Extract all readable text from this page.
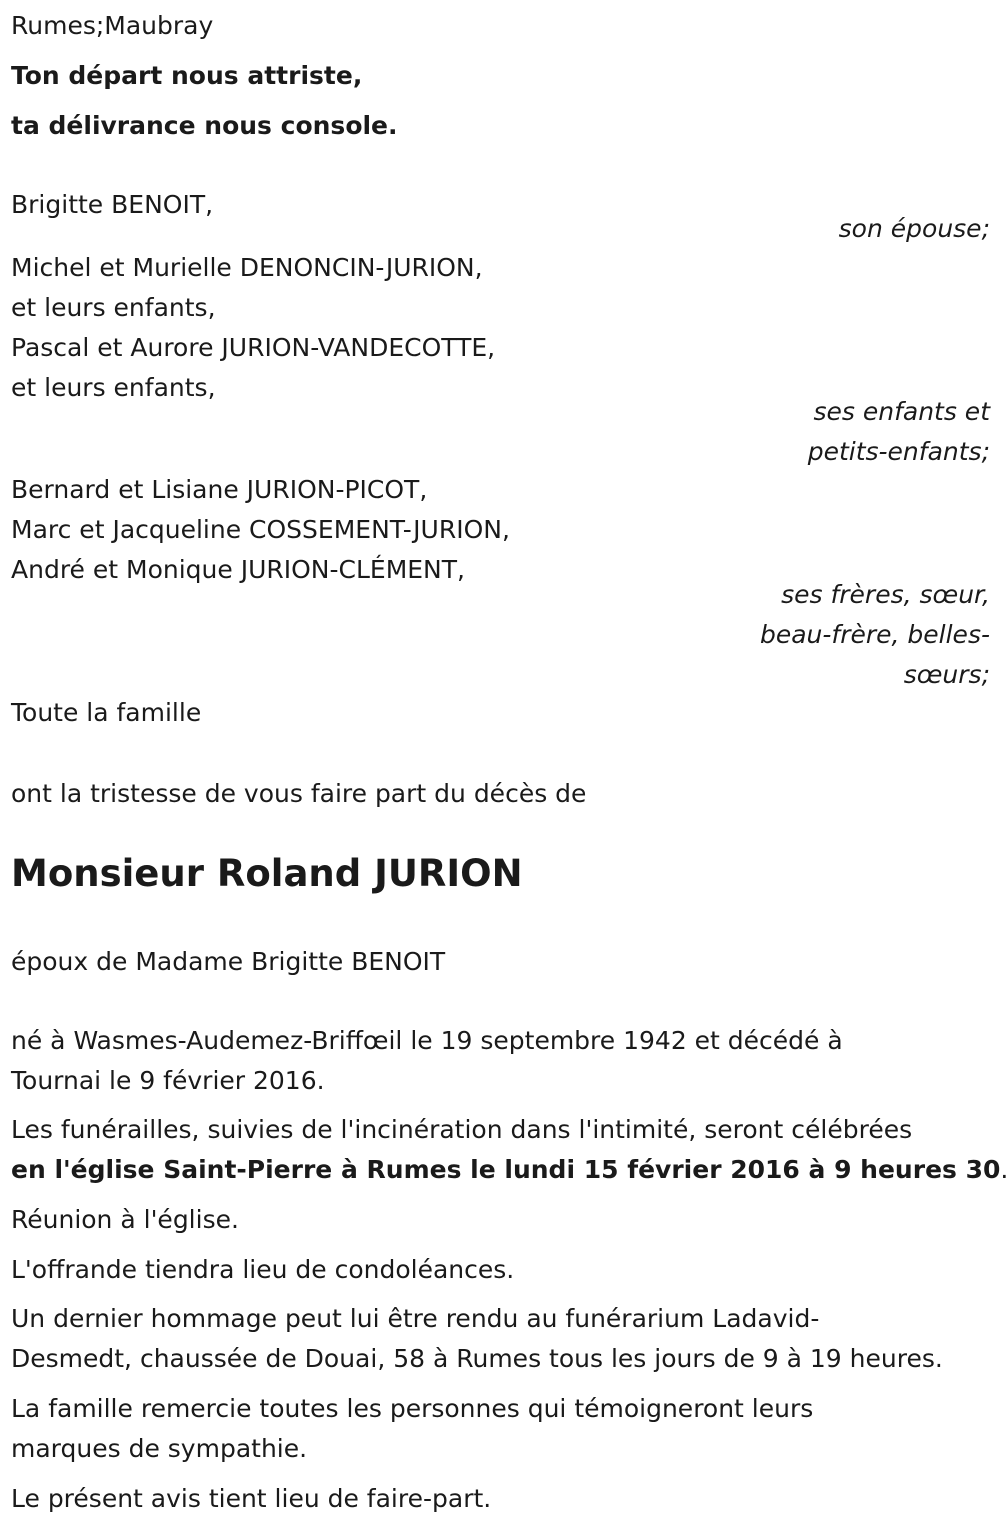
Rumes;Maubray

Ton départ nous attriste,

ta délivrance nous console.

Brigitte BENOIT,

son épouse;

Michel et Murielle DENONCIN-JURION,

et leurs enfants,

Pascal et Aurore JURION-VANDECOTTE,

et leurs enfants,

ses enfants et
petits-enfants;

Bernard et Lisiane JURION-PICOT,

Marc et Jacqueline COSSEMENT-JURION,

André et Monique JURION-CLÉMENT,

ses frères, sœur,
beau-frère, belles-
sœurs;

Toute la famille

ont la tristesse de vous faire part du décès de

Monsieur Roland JURION

époux de Madame Brigitte BENOIT

né à Wasmes-Audemez-Briffœil le 19 septembre 1942 et décédé à

Tournai le 9 février 2016.

Les funérailles, suivies de l'incinération dans l'intimité, seront célébrées

en l'église Saint-Pierre à Rumes le lundi 15 février 2016 à 9 heures 30.

Réunion à l'église.

L'offrande tiendra lieu de condoléances.

Un dernier hommage peut lui être rendu au funérarium Ladavid-

Desmedt, chaussée de Douai, 58 à Rumes tous les jours de 9 à 19 heures.

La famille remercie toutes les personnes qui témoigneront leurs

marques de sympathie.

Le présent avis tient lieu de faire-part.
